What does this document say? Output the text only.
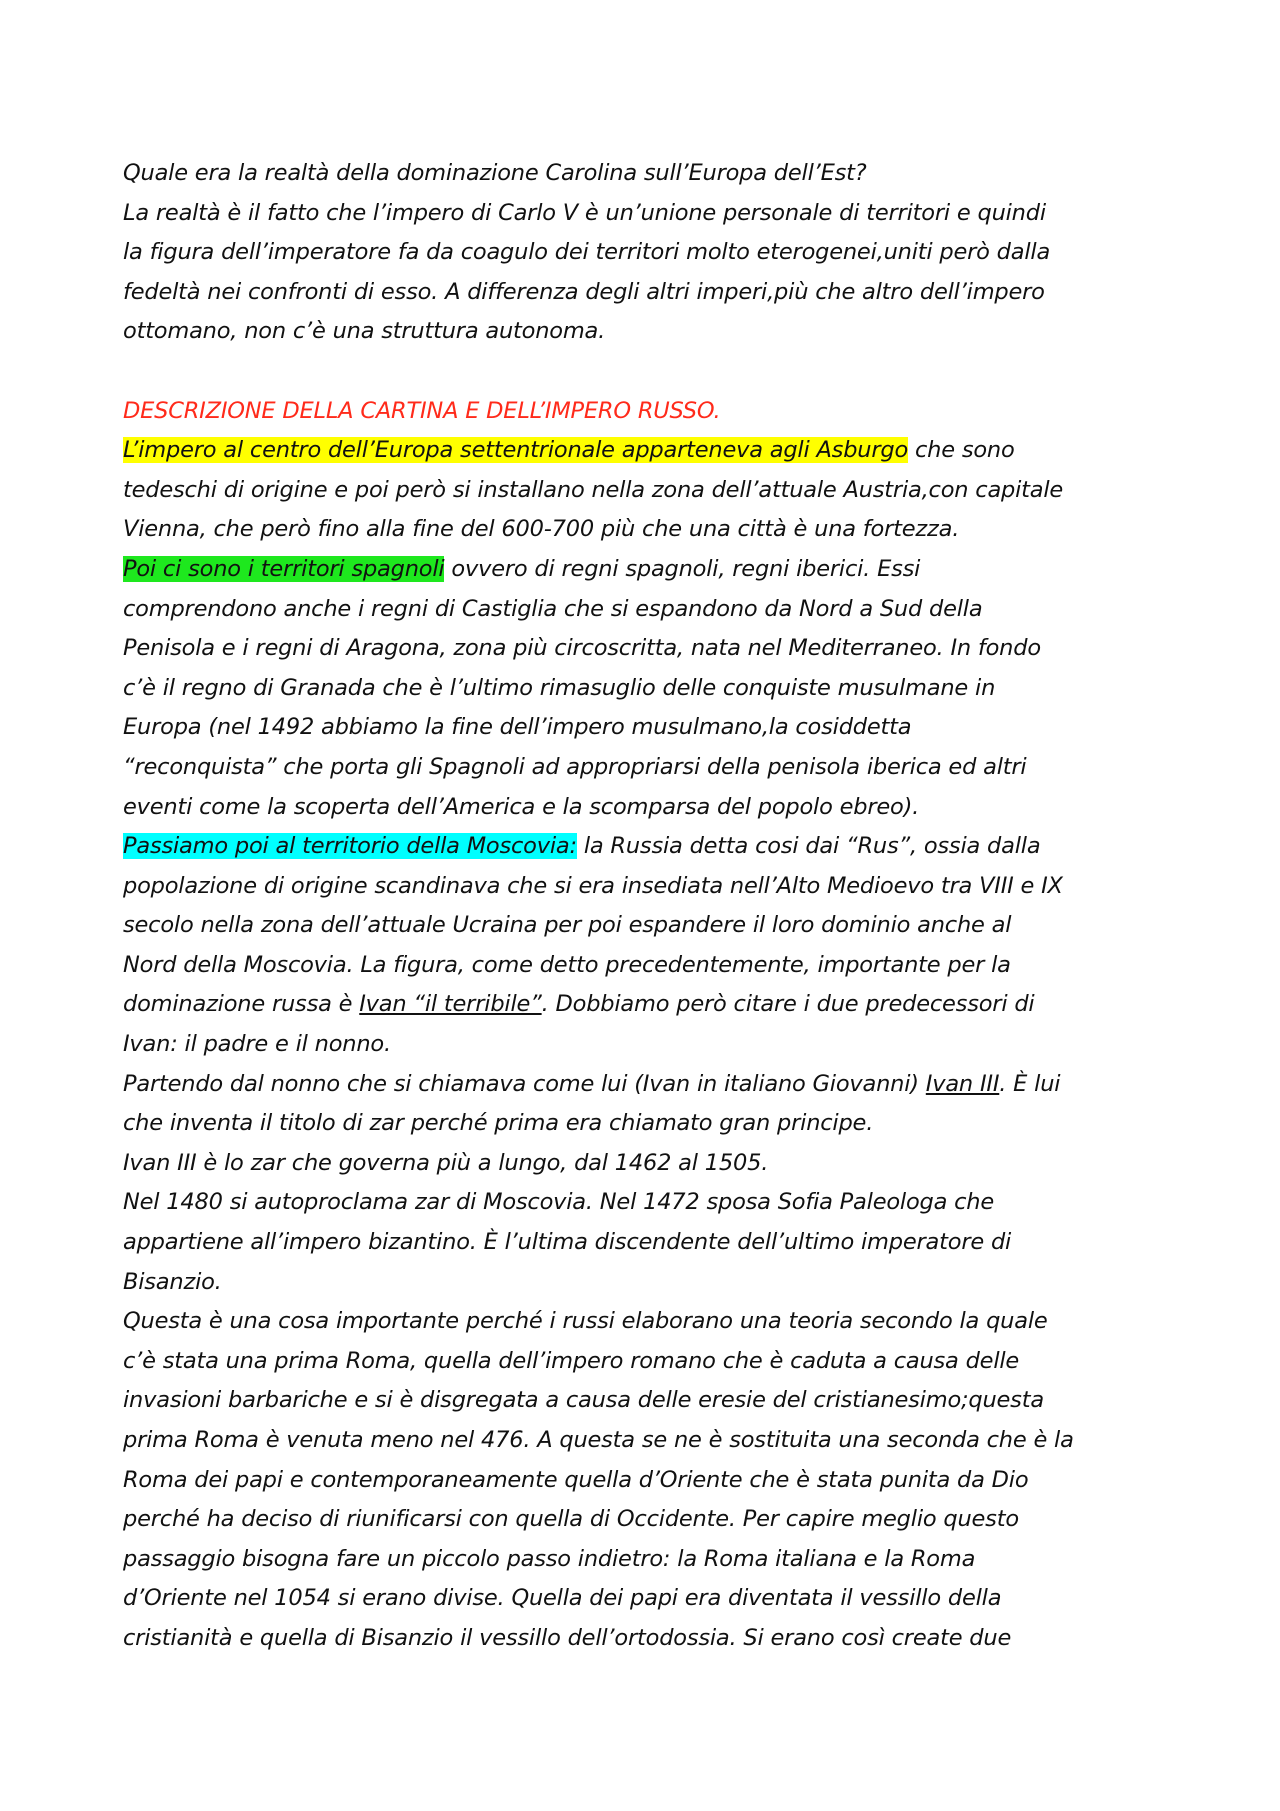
Quale era la realtà della dominazione Carolina sull’Europa dell’Est?
La realtà è il fatto che l’impero di Carlo V è un’unione personale di territori e quindi
la figura dell’imperatore fa da coagulo dei territori molto eterogenei,uniti però dalla
fedeltà nei confronti di esso. A differenza degli altri imperi,più che altro dell’impero
ottomano, non c’è una struttura autonoma.
DESCRIZIONE DELLA CARTINA E DELL’IMPERO RUSSO.
L’impero al centro dell’Europa settentrionale apparteneva agli Asburgo che sono
tedeschi di origine e poi però si installano nella zona dell’attuale Austria,con capitale
Vienna, che però fino alla fine del 600-700 più che una città è una fortezza.
Poi ci sono i territori spagnoli ovvero di regni spagnoli, regni iberici. Essi
comprendono anche i regni di Castiglia che si espandono da Nord a Sud della
Penisola e i regni di Aragona, zona più circoscritta, nata nel Mediterraneo. In fondo
c’è il regno di Granada che è l’ultimo rimasuglio delle conquiste musulmane in
Europa (nel 1492 abbiamo la fine dell’impero musulmano,la cosiddetta
“reconquista” che porta gli Spagnoli ad appropriarsi della penisola iberica ed altri
eventi come la scoperta dell’America e la scomparsa del popolo ebreo).
Passiamo poi al territorio della Moscovia: la Russia detta cosi dai “Rus”, ossia dalla
popolazione di origine scandinava che si era insediata nell’Alto Medioevo tra VIII e IX
secolo nella zona dell’attuale Ucraina per poi espandere il loro dominio anche al
Nord della Moscovia. La figura, come detto precedentemente, importante per la
dominazione russa è Ivan “il terribile”. Dobbiamo però citare i due predecessori di
Ivan: il padre e il nonno.
Partendo dal nonno che si chiamava come lui (Ivan in italiano Giovanni) Ivan III. È lui
che inventa il titolo di zar perché prima era chiamato gran principe.
Ivan III è lo zar che governa più a lungo, dal 1462 al 1505.
Nel 1480 si autoproclama zar di Moscovia. Nel 1472 sposa Sofia Paleologa che
appartiene all’impero bizantino. È l’ultima discendente dell’ultimo imperatore di
Bisanzio.
Questa è una cosa importante perché i russi elaborano una teoria secondo la quale
c’è stata una prima Roma, quella dell’impero romano che è caduta a causa delle
invasioni barbariche e si è disgregata a causa delle eresie del cristianesimo;questa
prima Roma è venuta meno nel 476. A questa se ne è sostituita una seconda che è la
Roma dei papi e contemporaneamente quella d’Oriente che è stata punita da Dio
perché ha deciso di riunificarsi con quella di Occidente. Per capire meglio questo
passaggio bisogna fare un piccolo passo indietro: la Roma italiana e la Roma
d’Oriente nel 1054 si erano divise. Quella dei papi era diventata il vessillo della
cristianità e quella di Bisanzio il vessillo dell’ortodossia. Si erano così create due
